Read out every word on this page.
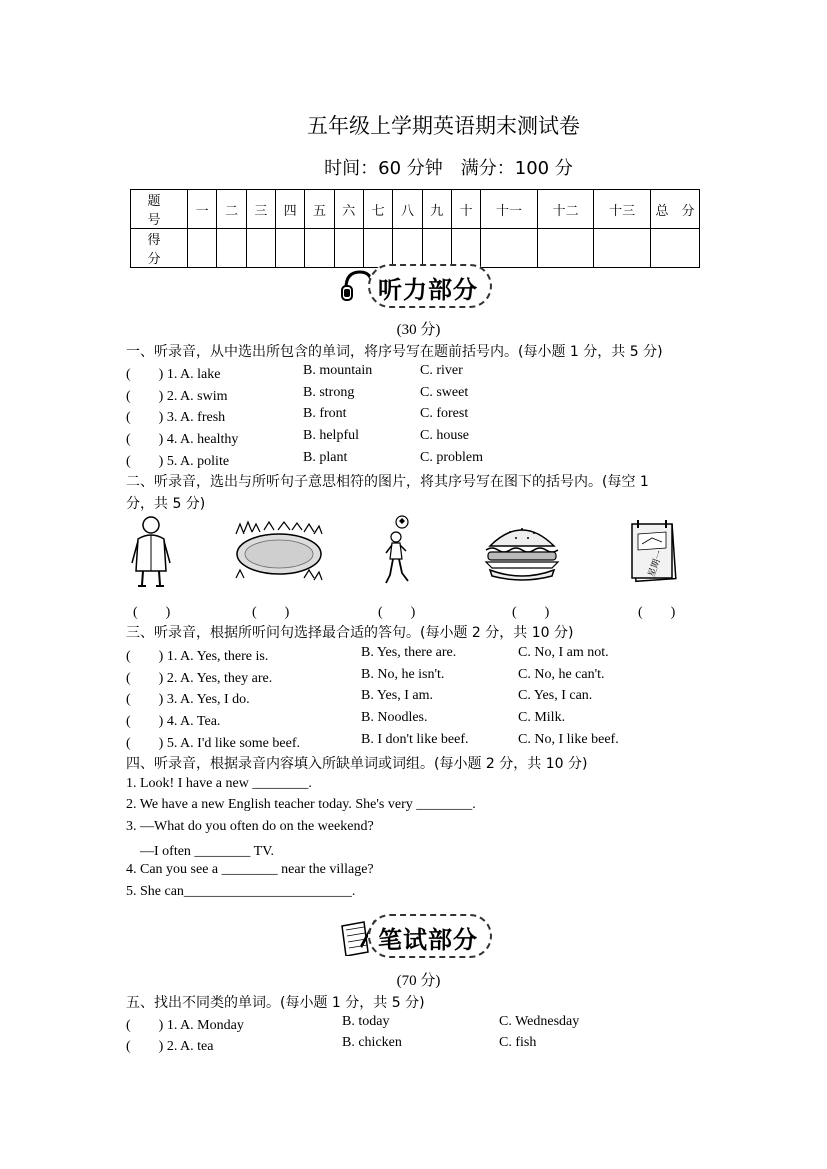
五年级上学期英语期末测试卷
时间：60 分钟　满分：100 分
题　号	一	二	三	四	五	六	七	八	九	十	十一	十二	十三	总　分
得　分														
听力部分
(30 分)
一、听录音，从中选出所包含的单词，将序号写在题前括号内。(每小题 1 分，共 5 分)
(　　) 1. A. lake	B. mountain	C. river
(　　) 2. A. swim	B. strong	C. sweet
(　　) 3. A. fresh	B. front	C. forest
(　　) 4. A. healthy	B. helpful	C. house
(　　) 5. A. polite	B. plant	C. problem
二、听录音，选出与所听句子意思相符的图片，将其序号写在图下的括号内。(每空 1
分，共 5 分)
星期一
(　　)	(　　)	(　　)	(　　)	(　　)
三、听录音，根据所听问句选择最合适的答句。(每小题 2 分，共 10 分)
(　　) 1. A. Yes, there is.	B. Yes, there are.	C. No, I am not.
(　　) 2. A. Yes, they are.	B. No, he isn't.	C. No, he can't.
(　　) 3. A. Yes, I do.	B. Yes, I am.	C. Yes, I can.
(　　) 4. A. Tea.	B. Noodles.	C. Milk.
(　　) 5. A. I'd like some beef.	B. I don't like beef.	C. No, I like beef.
四、听录音，根据录音内容填入所缺单词或词组。(每小题 2 分，共 10 分)
1. Look! I have a new ________.
2. We have a new English teacher today. She's very ________.
3. —What do you often do on the weekend?
　—I often ________ TV.
4. Can you see a ________ near the village?
5. She can________________________.
笔试部分
(70 分)
五、找出不同类的单词。(每小题 1 分，共 5 分)
(　　) 1. A. Monday	B. today	C. Wednesday
(　　) 2. A. tea	B. chicken	C. fish
